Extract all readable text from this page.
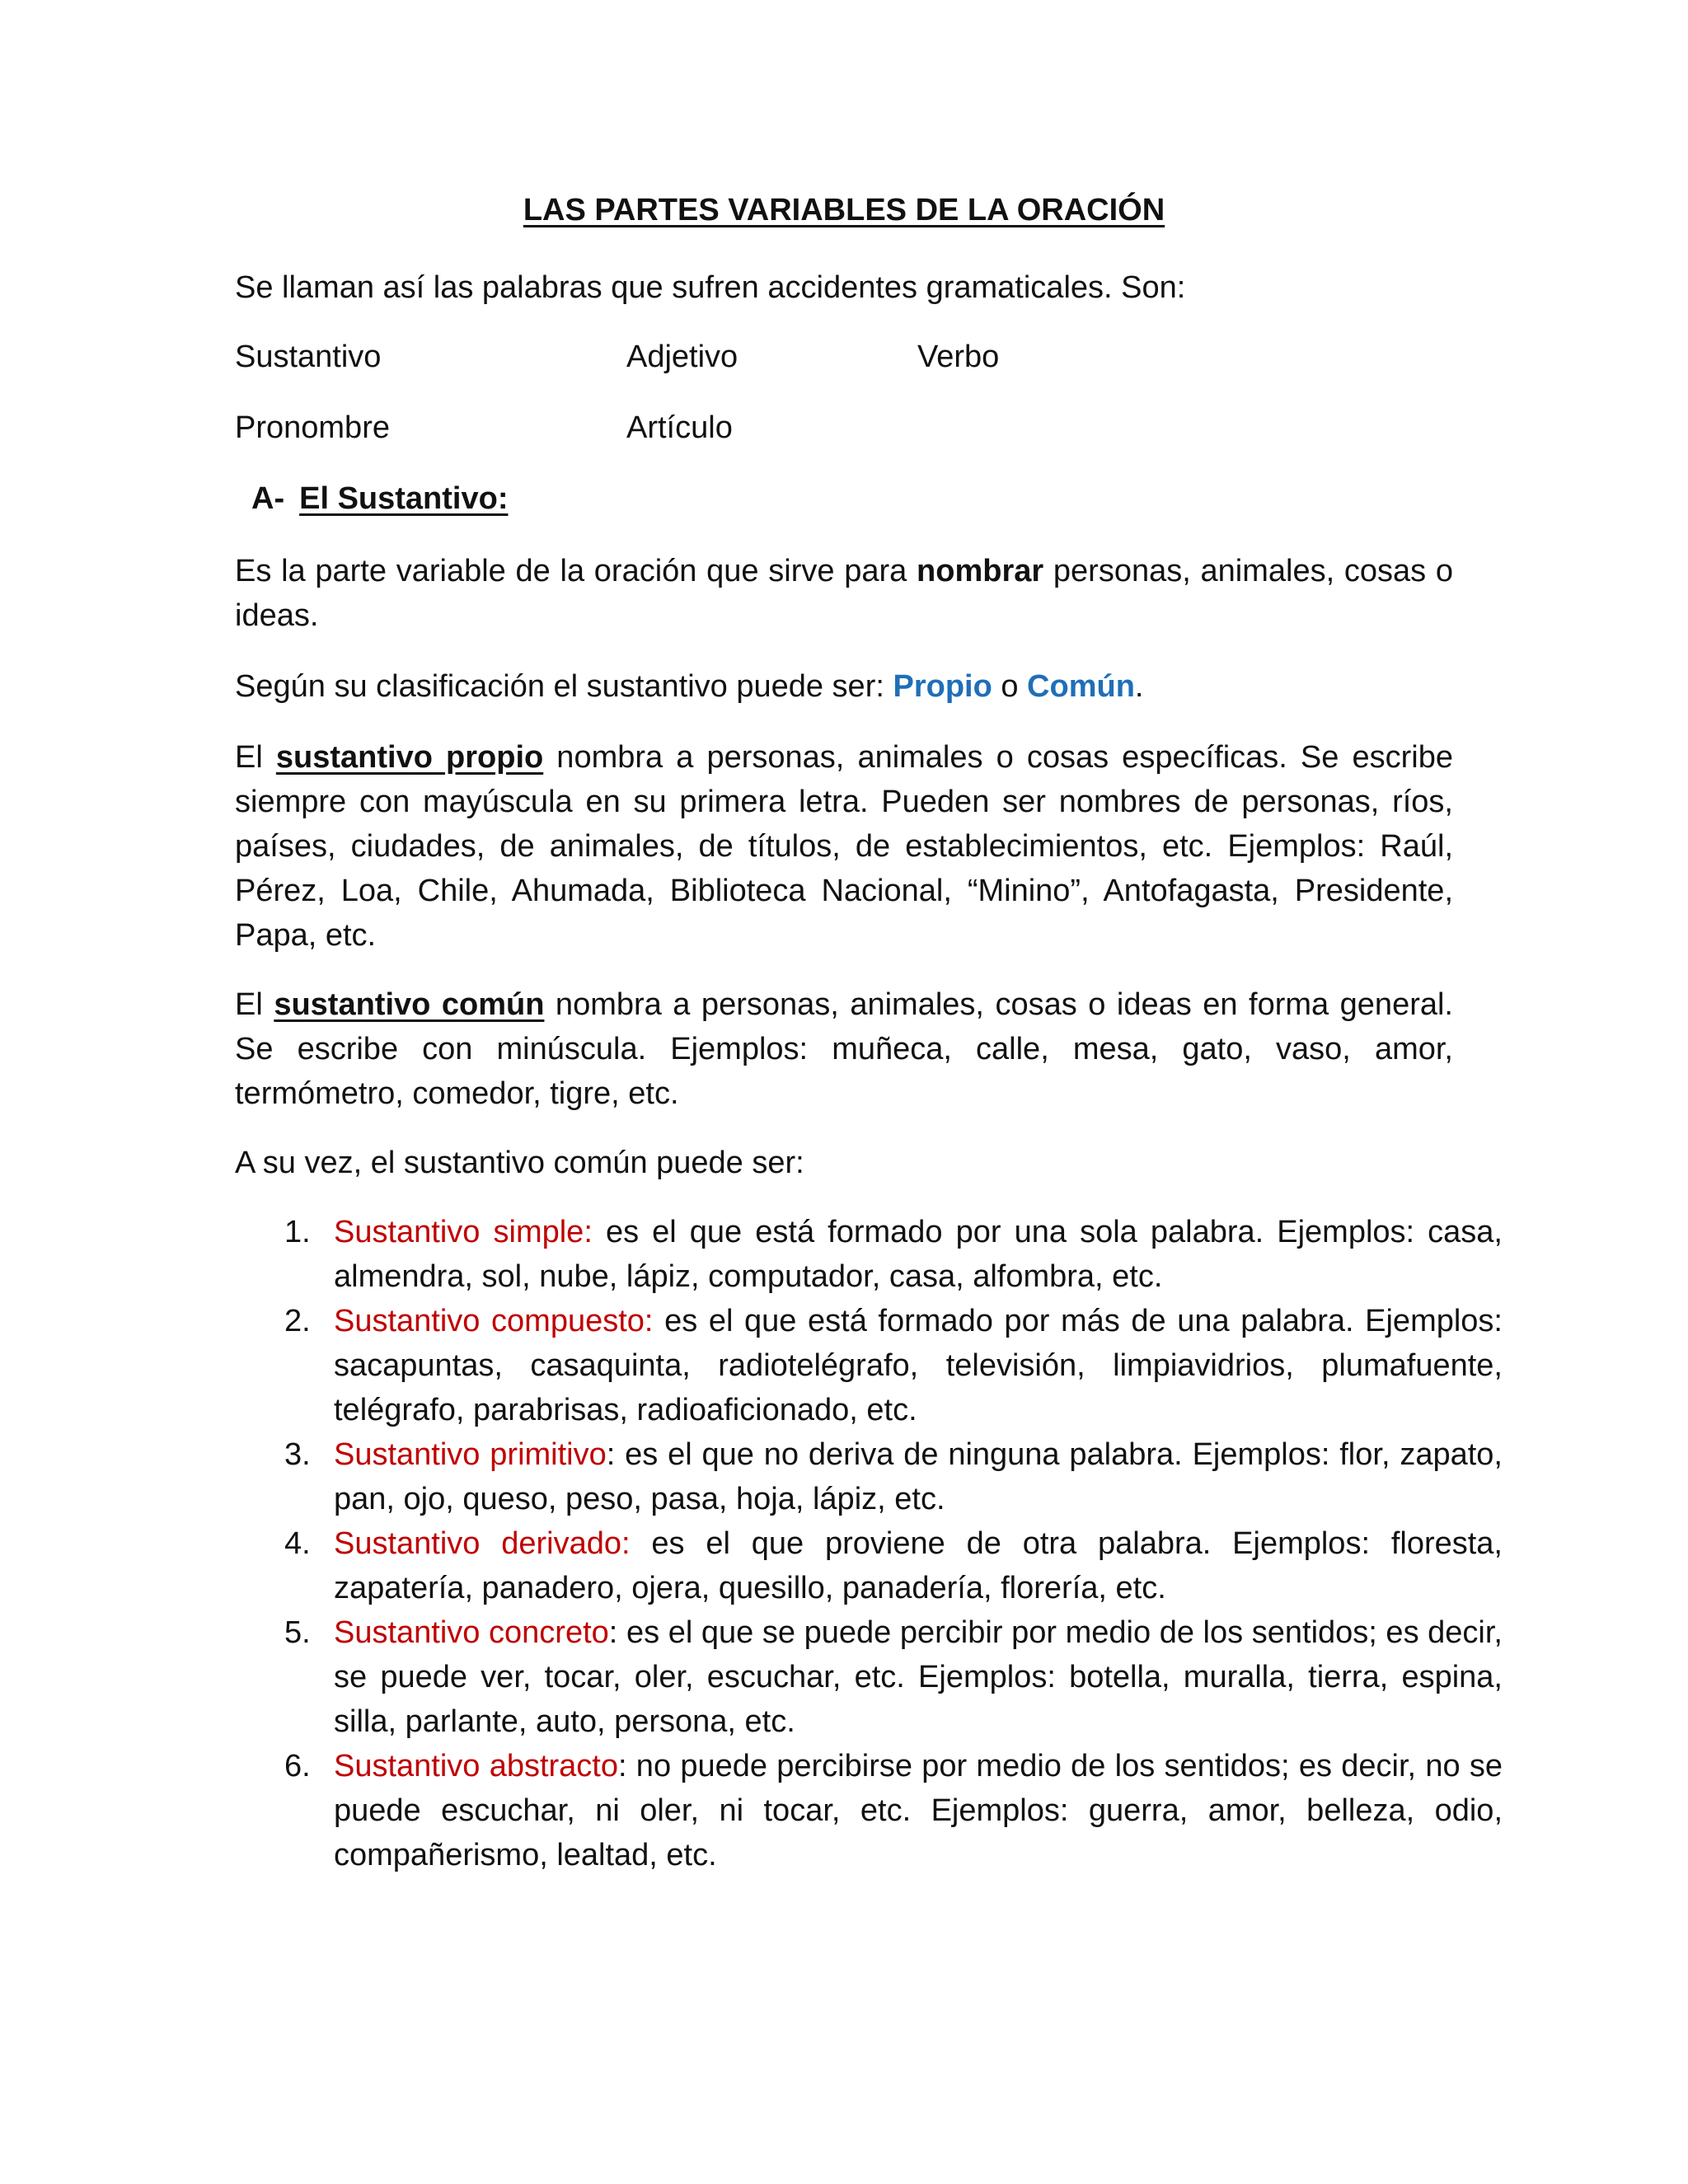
LAS PARTES VARIABLES DE LA ORACIÓN
Se llaman así las palabras que sufren accidentes gramaticales. Son:
Sustantivo	Adjetivo	Verbo
Pronombre	Artículo
A- El Sustantivo:
Es la parte variable de la oración que sirve para nombrar personas, animales, cosas o ideas.
Según su clasificación el sustantivo puede ser: Propio o Común.
El sustantivo propio nombra a personas, animales o cosas específicas. Se escribe siempre con mayúscula en su primera letra. Pueden ser nombres de personas, ríos, países, ciudades, de animales, de títulos, de establecimientos, etc. Ejemplos: Raúl, Pérez, Loa, Chile, Ahumada, Biblioteca Nacional, “Minino”, Antofagasta, Presidente, Papa, etc.
El sustantivo común nombra a personas, animales, cosas o ideas en forma general. Se escribe con minúscula. Ejemplos: muñeca, calle, mesa, gato, vaso, amor, termómetro, comedor, tigre, etc.
A su vez, el sustantivo común puede ser:
1. Sustantivo simple: es el que está formado por una sola palabra. Ejemplos: casa, almendra, sol, nube, lápiz, computador, casa, alfombra, etc.
2. Sustantivo compuesto: es el que está formado por más de una palabra. Ejemplos: sacapuntas, casaquinta, radiotelégrafo, televisión, limpiavidrios, plumafuente, telégrafo, parabrisas, radioaficionado, etc.
3. Sustantivo primitivo: es el que no deriva de ninguna palabra. Ejemplos: flor, zapato, pan, ojo, queso, peso, pasa, hoja, lápiz, etc.
4. Sustantivo derivado: es el que proviene de otra palabra. Ejemplos: floresta, zapatería, panadero, ojera, quesillo, panadería, florería, etc.
5. Sustantivo concreto: es el que se puede percibir por medio de los sentidos; es decir, se puede ver, tocar, oler, escuchar, etc. Ejemplos: botella, muralla, tierra, espina, silla, parlante, auto, persona, etc.
6. Sustantivo abstracto: no puede percibirse por medio de los sentidos; es decir, no se puede escuchar, ni oler, ni tocar, etc. Ejemplos: guerra, amor, belleza, odio, compañerismo, lealtad, etc.
